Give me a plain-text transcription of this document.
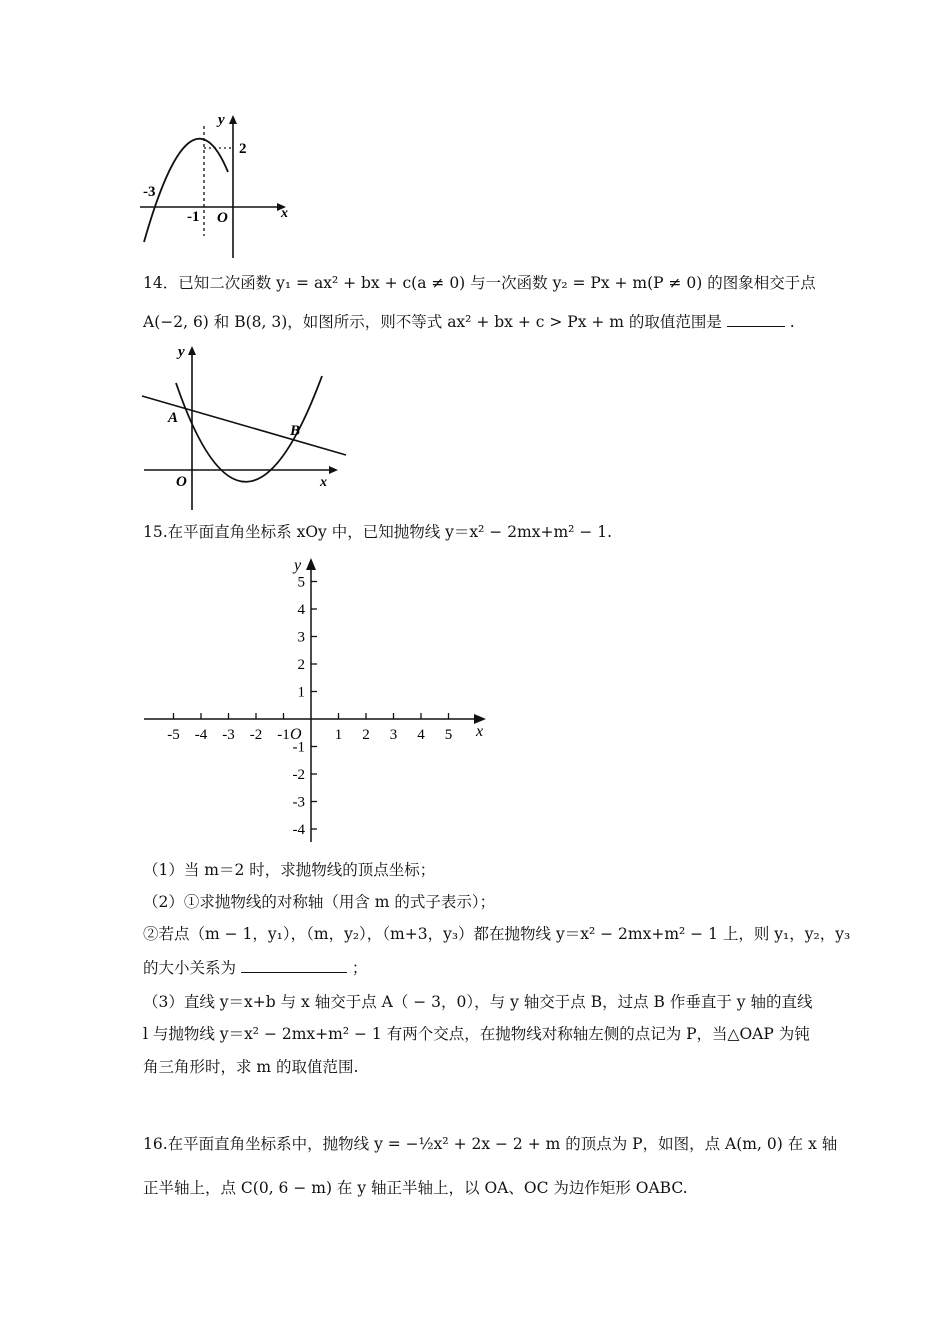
y
x
O
2
-3
-1
14．已知二次函数 y₁ = ax² + bx + c(a ≠ 0) 与一次函数 y₂ = Px + m(P ≠ 0) 的图象相交于点
A(−2, 6) 和 B(8, 3)，如图所示，则不等式 ax² + bx + c > Px + m 的取值范围是	.
y
x
O
A
B
15.在平面直角坐标系 xOy 中，已知抛物线 y＝x² − 2mx+m² − 1.
y
x
O
-5 -4 -3 -2 -1	1 2 3 4 5
5
4
3
2
1
-1
-2
-3
-4
（1）当 m＝2 时，求抛物线的顶点坐标；
（2）①求抛物线的对称轴（用含 m 的式子表示）；
②若点（m − 1，y₁），（m，y₂），（m+3，y₃）都在抛物线 y＝x² − 2mx+m² − 1 上，则 y₁，y₂，y₃
的大小关系为	；
（3）直线 y＝x+b 与 x 轴交于点 A（ − 3，0），与 y 轴交于点 B，过点 B 作垂直于 y 轴的直线
l 与抛物线 y＝x² − 2mx+m² − 1 有两个交点，在抛物线对称轴左侧的点记为 P，当△OAP 为钝
角三角形时，求 m 的取值范围.
16.在平面直角坐标系中，抛物线 y = −½x² + 2x − 2 + m 的顶点为 P，如图，点 A(m, 0) 在 x 轴
正半轴上，点 C(0, 6 − m) 在 y 轴正半轴上，以 OA、OC 为边作矩形 OABC.
